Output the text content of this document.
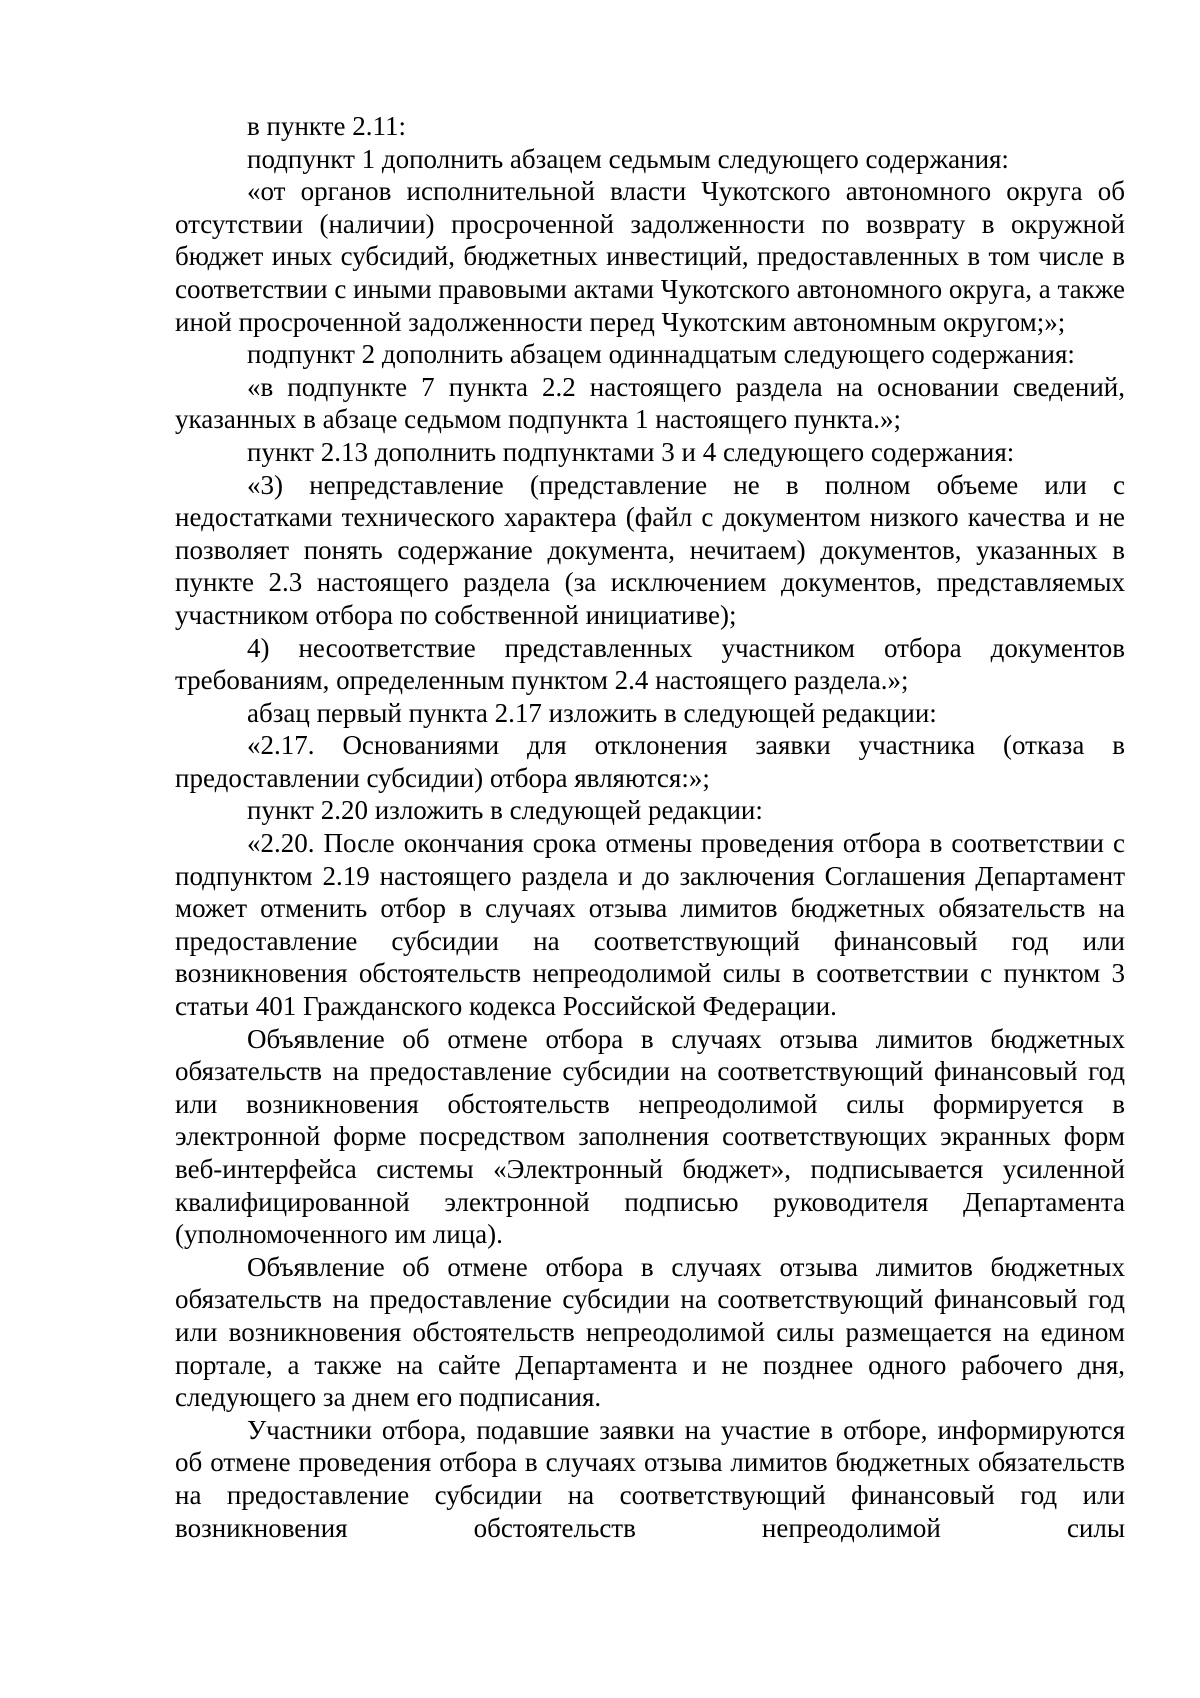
в пункте 2.11:

подпункт 1 дополнить абзацем седьмым следующего содержания:

«от органов исполнительной власти Чукотского автономного округа об отсутствии (наличии) просроченной задолженности по возврату в окружной бюджет иных субсидий, бюджетных инвестиций, предоставленных в том числе в соответствии с иными правовыми актами Чукотского автономного округа, а также иной просроченной задолженности перед Чукотским автономным округом;»;

подпункт 2 дополнить абзацем одиннадцатым следующего содержания:

«в подпункте 7 пункта 2.2 настоящего раздела на основании сведений, указанных в абзаце седьмом подпункта 1 настоящего пункта.»;

пункт 2.13 дополнить подпунктами 3 и 4 следующего содержания:

«3) непредставление (представление не в полном объеме или с недостатками технического характера (файл с документом низкого качества и не позволяет понять содержание документа, нечитаем) документов, указанных в пункте 2.3 настоящего раздела (за исключением документов, представляемых участником отбора по собственной инициативе);

4) несоответствие представленных участником отбора документов требованиям, определенным пунктом 2.4 настоящего раздела.»;

абзац первый пункта 2.17 изложить в следующей редакции:

«2.17. Основаниями для отклонения заявки участника (отказа в предоставлении субсидии) отбора являются:»;

пункт 2.20 изложить в следующей редакции:

«2.20. После окончания срока отмены проведения отбора в соответствии с подпунктом 2.19 настоящего раздела и до заключения Соглашения Департамент может отменить отбор в случаях отзыва лимитов бюджетных обязательств на предоставление субсидии на соответствующий финансовый год или возникновения обстоятельств непреодолимой силы в соответствии с пунктом 3 статьи 401 Гражданского кодекса Российской Федерации.

Объявление об отмене отбора в случаях отзыва лимитов бюджетных обязательств на предоставление субсидии на соответствующий финансовый год или возникновения обстоятельств непреодолимой силы формируется в электронной форме посредством заполнения соответствующих экранных форм веб-интерфейса системы «Электронный бюджет», подписывается усиленной квалифицированной электронной подписью руководителя Департамента (уполномоченного им лица).

Объявление об отмене отбора в случаях отзыва лимитов бюджетных обязательств на предоставление субсидии на соответствующий финансовый год или возникновения обстоятельств непреодолимой силы размещается на едином портале, а также на сайте Департамента и не позднее одного рабочего дня, следующего за днем его подписания.

Участники отбора, подавшие заявки на участие в отборе, информируются об отмене проведения отбора в случаях отзыва лимитов бюджетных обязательств на предоставление субсидии на соответствующий финансовый год или возникновения обстоятельств непреодолимой силы
